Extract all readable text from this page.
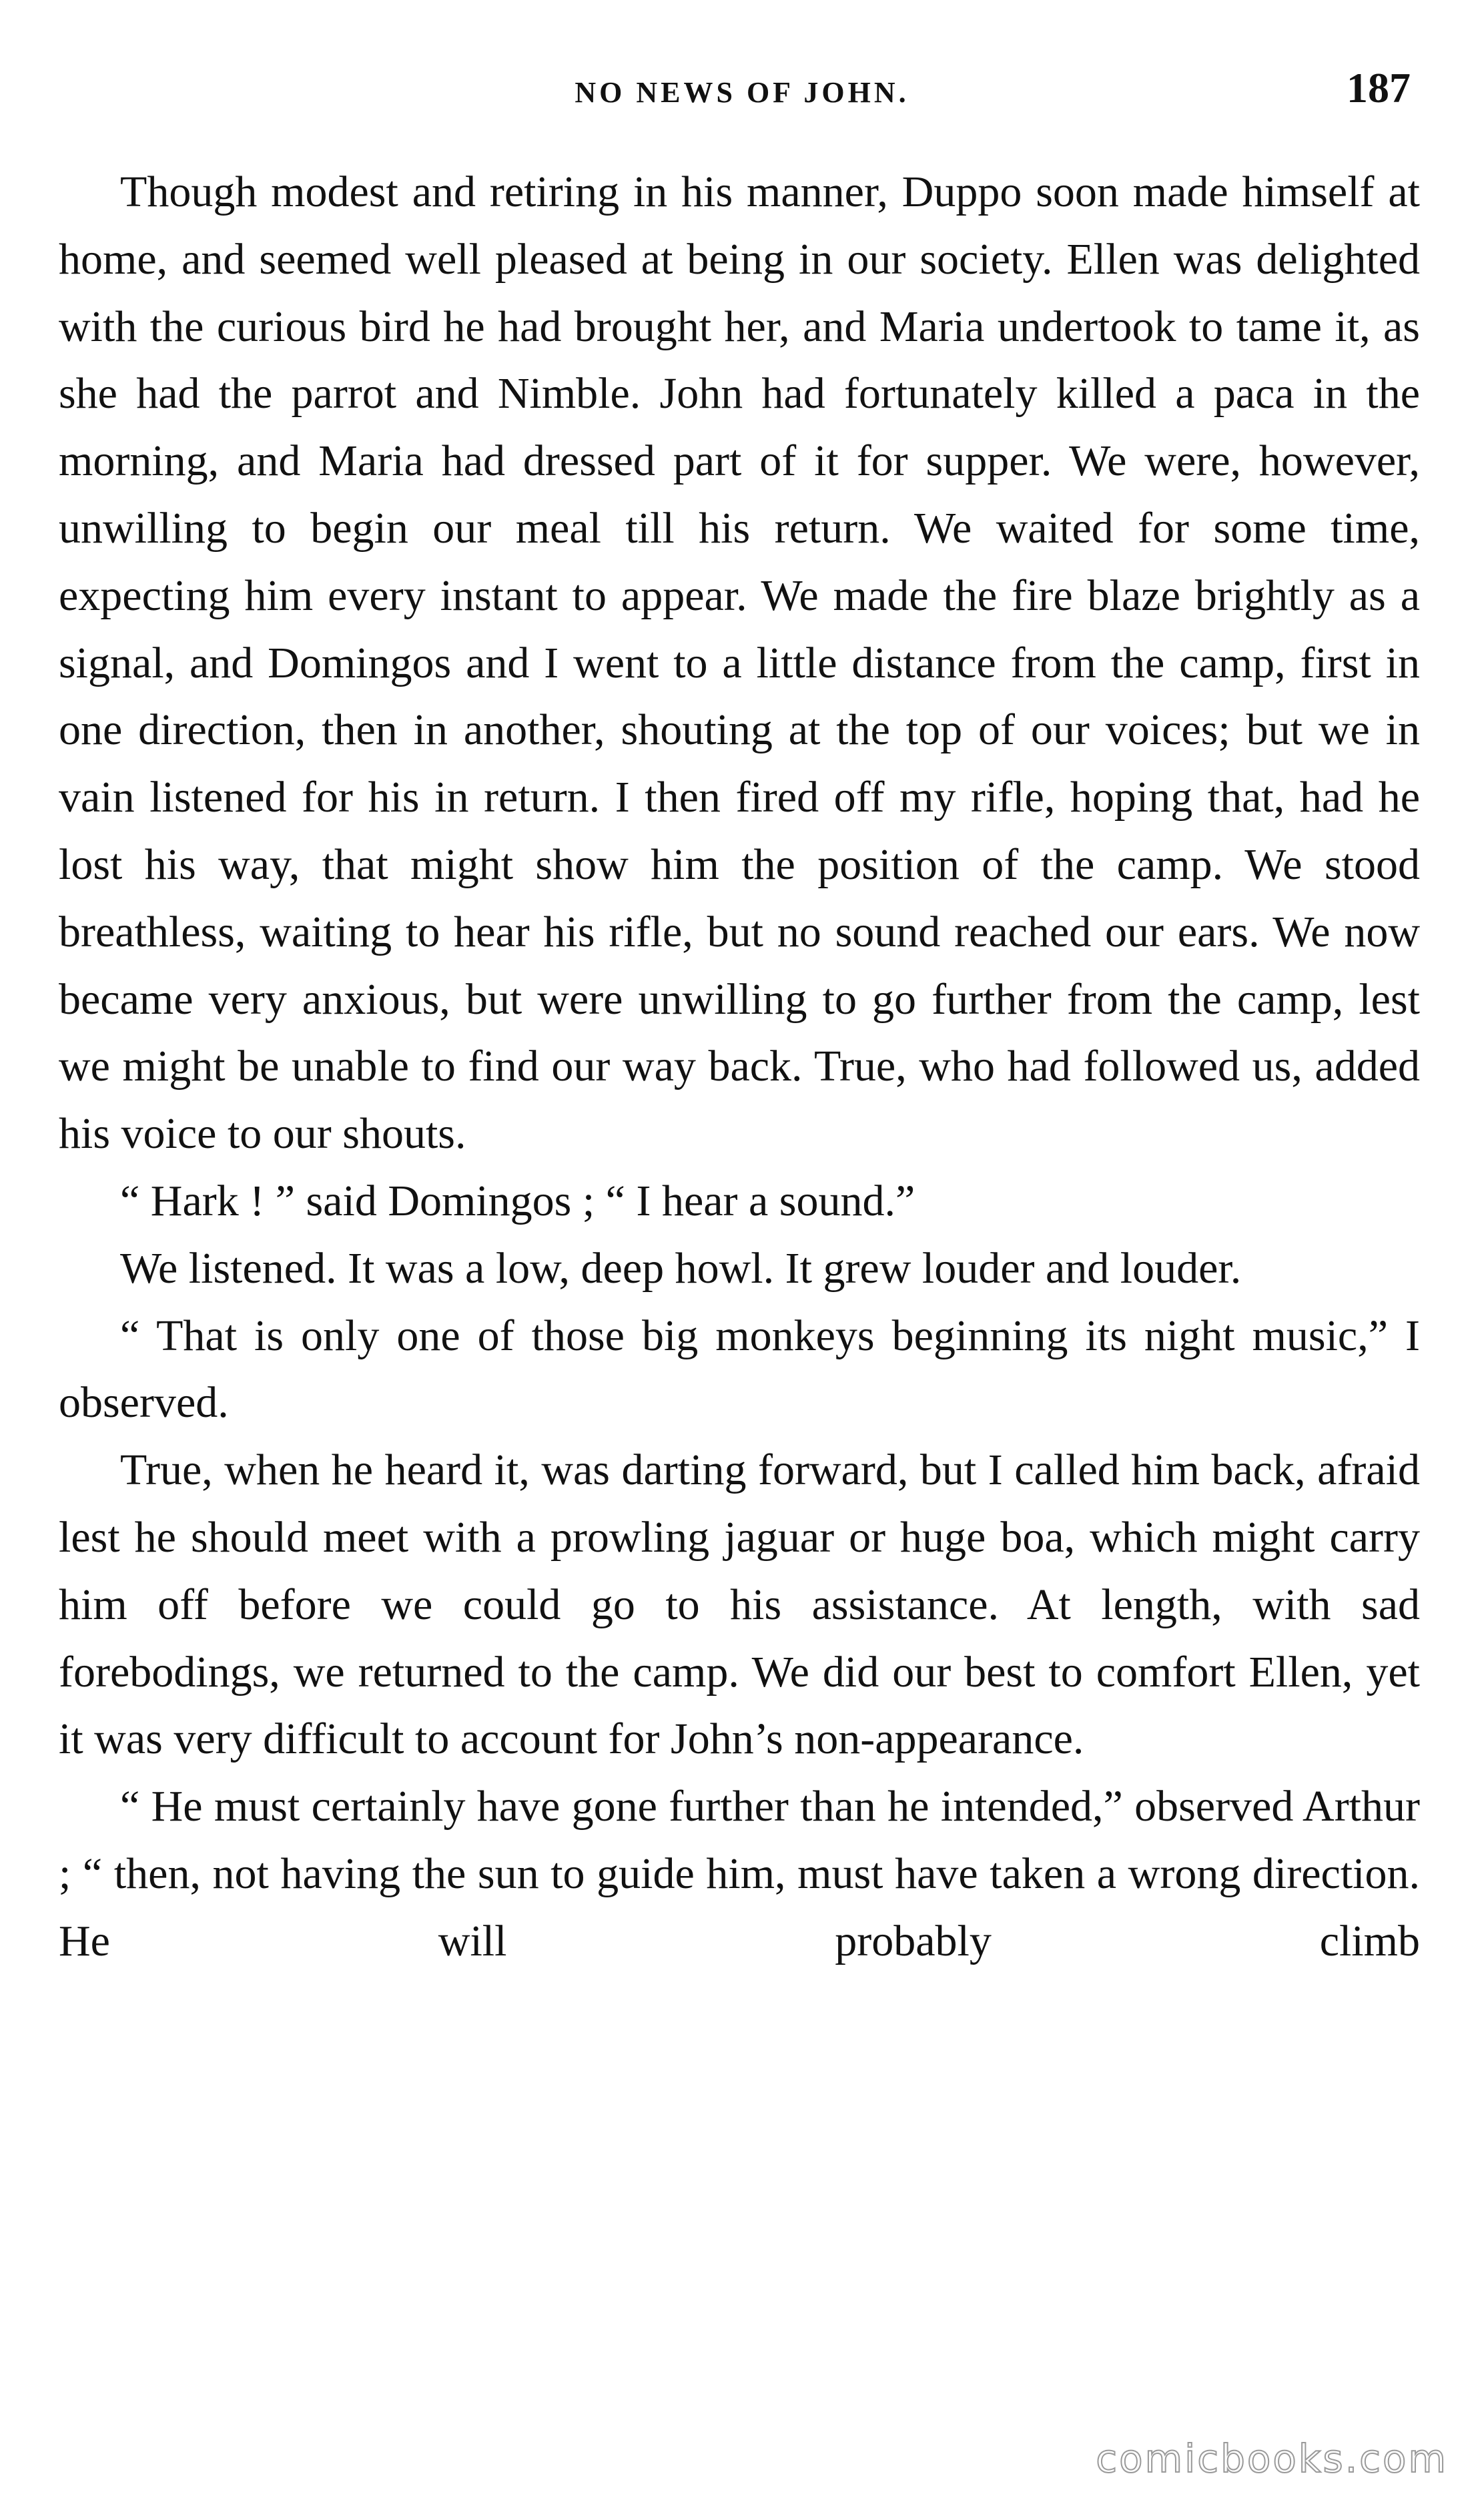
NO NEWS OF JOHN.	187

Though modest and retiring in his manner, Duppo soon made himself at home, and seemed well pleased at being in our society. Ellen was delighted with the curious bird he had brought her, and Maria undertook to tame it, as she had the parrot and Nimble. John had fortunately killed a paca in the morning, and Maria had dressed part of it for supper. We were, however, unwilling to begin our meal till his return. We waited for some time, expecting him every instant to appear. We made the fire blaze brightly as a signal, and Domingos and I went to a little distance from the camp, first in one direction, then in another, shouting at the top of our voices; but we in vain listened for his in return. I then fired off my rifle, hoping that, had he lost his way, that might show him the position of the camp. We stood breathless, waiting to hear his rifle, but no sound reached our ears. We now became very anxious, but were unwilling to go further from the camp, lest we might be unable to find our way back. True, who had followed us, added his voice to our shouts.

“ Hark ! ” said Domingos ; “ I hear a sound.”

We listened. It was a low, deep howl. It grew louder and louder.

“ That is only one of those big monkeys beginning its night music,” I observed.

True, when he heard it, was darting forward, but I called him back, afraid lest he should meet with a prowling jaguar or huge boa, which might carry him off before we could go to his assistance. At length, with sad forebodings, we returned to the camp. We did our best to comfort Ellen, yet it was very difficult to account for John’s non-appearance.

“ He must certainly have gone further than he intended,” observed Arthur ; “ then, not having the sun to guide him, must have taken a wrong direction. He will probably climb

comicbooks.com
